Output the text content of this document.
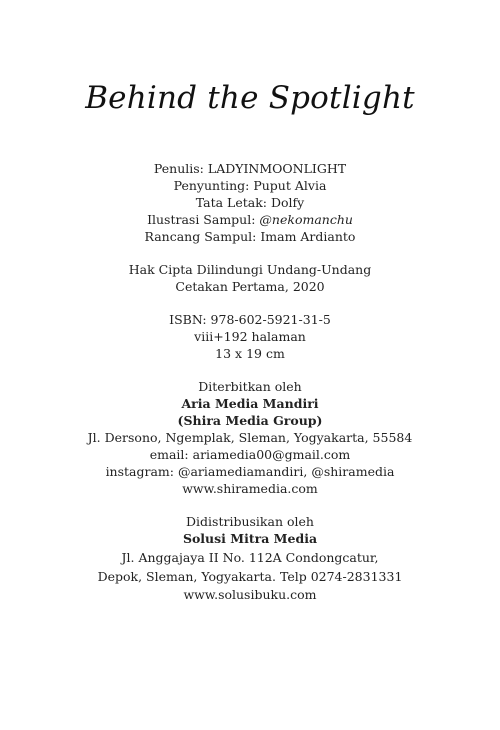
Behind the Spotlight
Penulis: LADYINMOONLIGHT
Penyunting: Puput Alvia
Tata Letak: Dolfy
Ilustrasi Sampul: @nekomanchu
Rancang Sampul: Imam Ardianto
Hak Cipta Dilindungi Undang-Undang
Cetakan Pertama, 2020
ISBN: 978-602-5921-31-5
viii+192 halaman
13 x 19 cm
Diterbitkan oleh
Aria Media Mandiri
(Shira Media Group)
Jl. Dersono, Ngemplak, Sleman, Yogyakarta, 55584
email: ariamedia00@gmail.com
instagram: @ariamediamandiri, @shiramedia
www.shiramedia.com
Didistribusikan oleh
Solusi Mitra Media
Jl. Anggajaya II No. 112A Condongcatur,
Depok, Sleman, Yogyakarta. Telp 0274-2831331
www.solusibuku.com
